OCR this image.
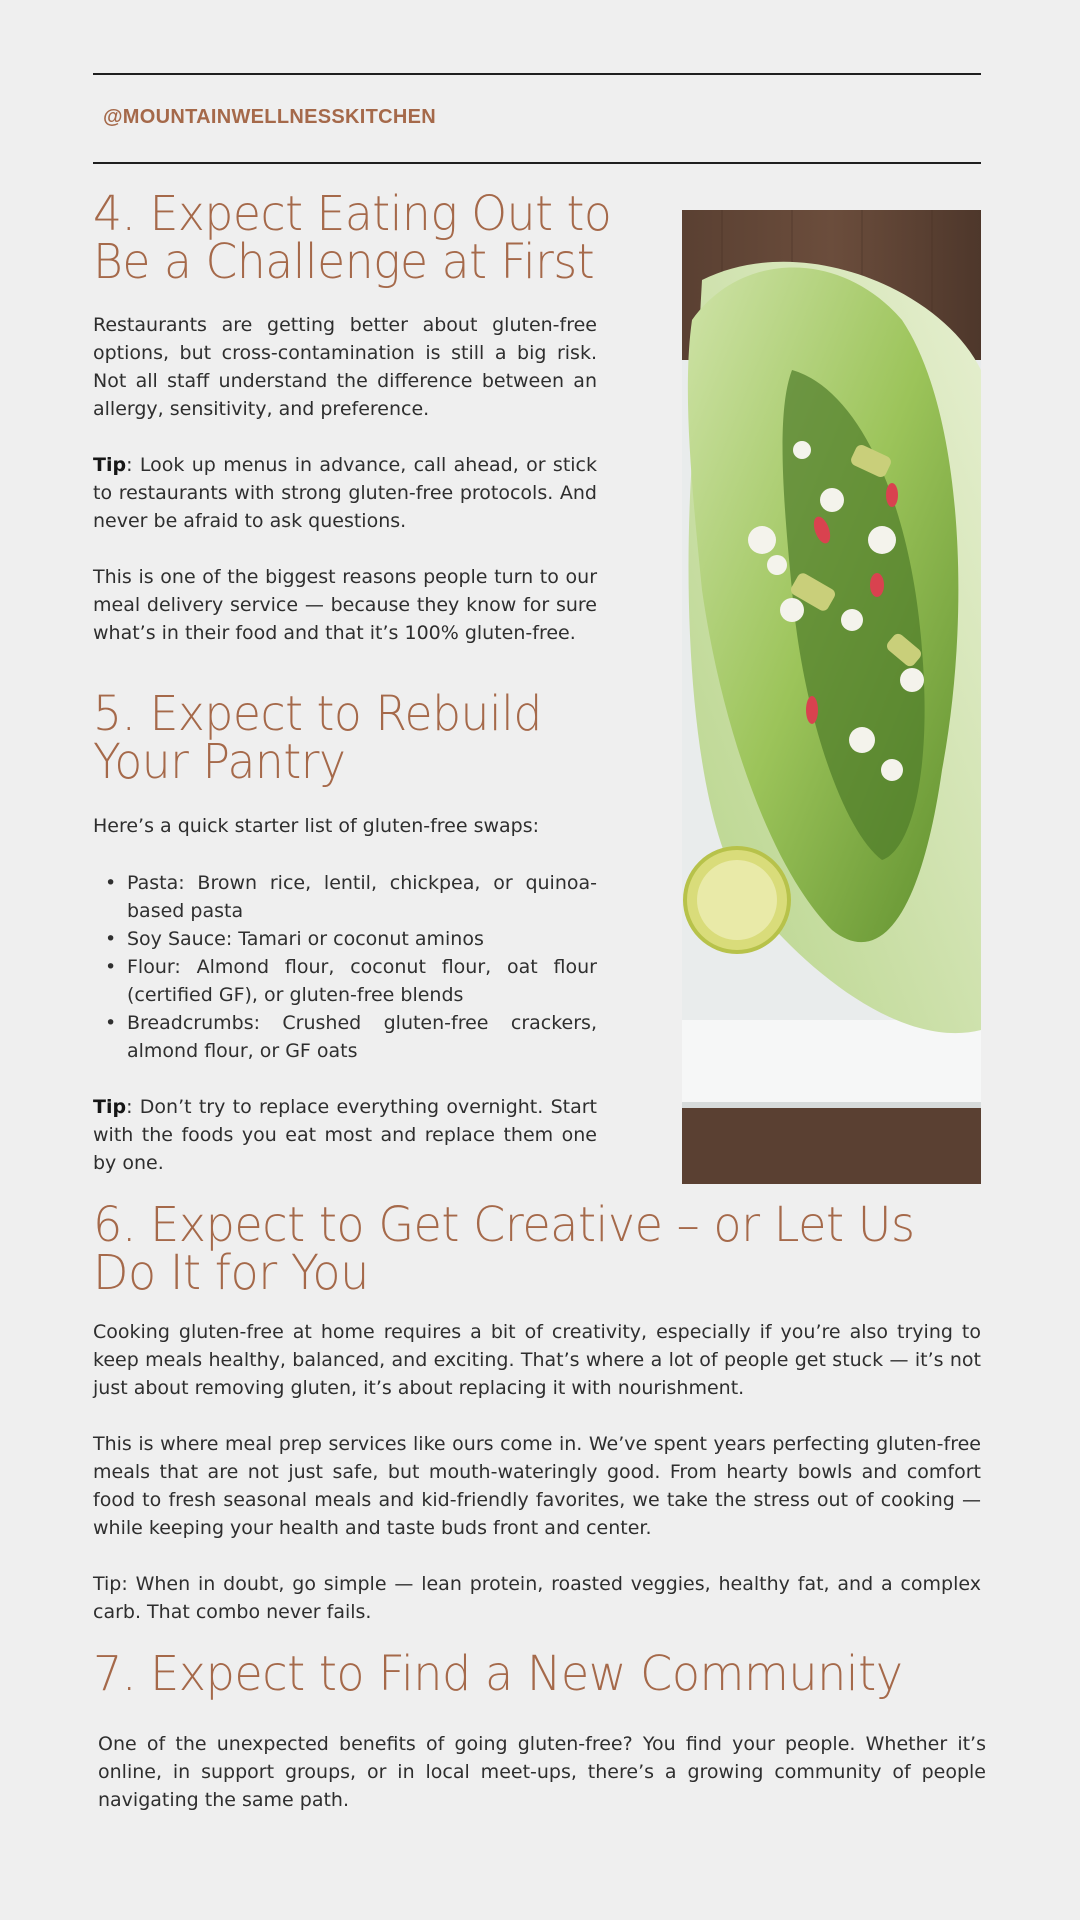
@MOUNTAINWELLNESSKITCHEN
4. Expect Eating Out to Be a Challenge at First

Restaurants are getting better about gluten-free options, but cross-contamination is still a big risk. Not all staff understand the difference between an allergy, sensitivity, and preference.

Tip: Look up menus in advance, call ahead, or stick to restaurants with strong gluten-free protocols. And never be afraid to ask questions.

This is one of the biggest reasons people turn to our meal delivery service — because they know for sure what’s in their food and that it’s 100% gluten-free.

5. Expect to Rebuild Your Pantry

Here’s a quick starter list of gluten-free swaps:

• Pasta: Brown rice, lentil, chickpea, or quinoa-based pasta
• Soy Sauce: Tamari or coconut aminos
• Flour: Almond flour, coconut flour, oat flour (certified GF), or gluten-free blends
• Breadcrumbs: Crushed gluten-free crackers, almond flour, or GF oats

Tip: Don’t try to replace everything overnight. Start with the foods you eat most and replace them one by one.

6. Expect to Get Creative – or Let Us Do It for You

Cooking gluten-free at home requires a bit of creativity, especially if you’re also trying to keep meals healthy, balanced, and exciting. That’s where a lot of people get stuck — it’s not just about removing gluten, it’s about replacing it with nourishment.

This is where meal prep services like ours come in. We’ve spent years perfecting gluten-free meals that are not just safe, but mouth-wateringly good. From hearty bowls and comfort food to fresh seasonal meals and kid-friendly favorites, we take the stress out of cooking — while keeping your health and taste buds front and center.

Tip: When in doubt, go simple — lean protein, roasted veggies, healthy fat, and a complex carb. That combo never fails.

7. Expect to Find a New Community

One of the unexpected benefits of going gluten-free? You find your people. Whether it’s online, in support groups, or in local meet-ups, there’s a growing community of people navigating the same path.
